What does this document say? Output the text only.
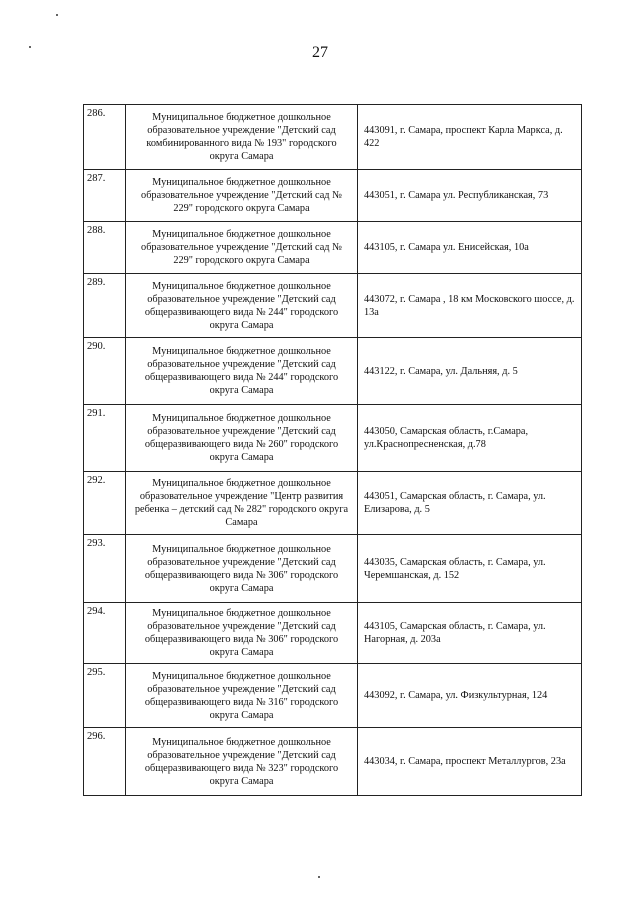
27
286.	Муниципальное бюджетное дошкольное образовательное учреждение "Детский сад комбинированного вида № 193" городского округа Самара	443091, г. Самара, проспект Карла Маркса, д. 422
287.	Муниципальное бюджетное дошкольное образовательное учреждение "Детский сад № 229" городского округа Самара	443051, г. Самара ул. Республиканская, 73
288.	Муниципальное бюджетное дошкольное образовательное учреждение "Детский сад № 229" городского округа Самара	443105, г. Самара ул. Енисейская, 10а
289.	Муниципальное бюджетное дошкольное образовательное учреждение "Детский сад общеразвивающего вида № 244" городского округа Самара	443072, г. Самара , 18 км Московского шоссе, д. 13а
290.	Муниципальное бюджетное дошкольное образовательное учреждение "Детский сад общеразвивающего вида № 244" городского округа Самара	443122, г. Самара, ул. Дальняя, д. 5
291.	Муниципальное бюджетное дошкольное образовательное учреждение "Детский сад общеразвивающего вида № 260" городского округа Самара	443050, Самарская область, г.Самара, ул.Краснопресненская, д.78
292.	Муниципальное бюджетное дошкольное образовательное учреждение "Центр развития ребенка – детский сад № 282" городского округа Самара	443051, Самарская область, г. Самара, ул. Елизарова, д. 5
293.	Муниципальное бюджетное дошкольное образовательное учреждение "Детский сад общеразвивающего вида № 306" городского округа Самара	443035, Самарская область, г. Самара, ул. Черемшанская, д. 152
294.	Муниципальное бюджетное дошкольное образовательное учреждение "Детский сад общеразвивающего вида № 306" городского округа Самара	443105, Самарская область, г. Самара, ул. Нагорная, д. 203а
295.	Муниципальное бюджетное дошкольное образовательное учреждение "Детский сад общеразвивающего вида № 316" городского округа Самара	443092, г. Самара, ул. Физкультурная, 124
296.	Муниципальное бюджетное дошкольное образовательное учреждение "Детский сад общеразвивающего вида № 323" городского округа Самара	443034, г. Самара, проспект Металлургов, 23а
